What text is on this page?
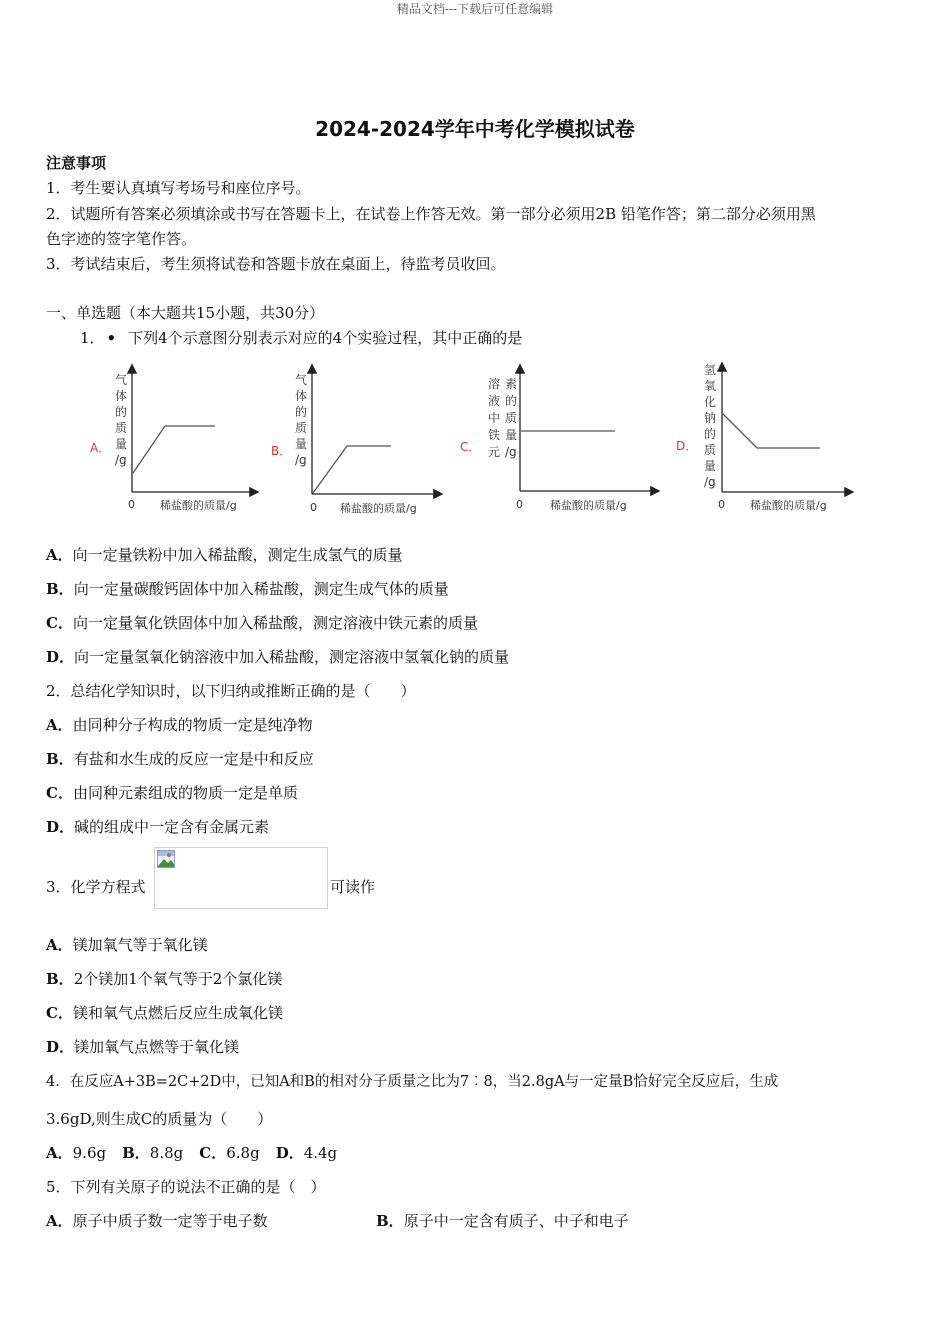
精品文档---下载后可任意编辑
2024-2024学年中考化学模拟试卷
注意事项
1．考生要认真填写考场号和座位序号。
2．试题所有答案必须填涂或书写在答题卡上，在试卷上作答无效。第一部分必须用2B 铅笔作答；第二部分必须用黑
色字迹的签字笔作答。
3．考试结束后，考生须将试卷和答题卡放在桌面上，待监考员收回。
一、单选题（本大题共15小题，共30分）
1． • 下列4个示意图分别表示对应的4个实验过程，其中正确的是
A．
气
体
的
质
量
/g
0 稀盐酸的质量/g
B．
气
体
的
质
量
/g
0 稀盐酸的质量/g
C．
溶
液
中
铁
元
素
的
质
量
/g
0 稀盐酸的质量/g
D．
氢
氧
化
钠
的
质
量
/g
0 稀盐酸的质量/g
A．向一定量铁粉中加入稀盐酸，测定生成氢气的质量
B．向一定量碳酸钙固体中加入稀盐酸，测定生成气体的质量
C．向一定量氧化铁固体中加入稀盐酸，测定溶液中铁元素的质量
D．向一定量氢氧化钠溶液中加入稀盐酸，测定溶液中氢氧化钠的质量
2．总结化学知识时，以下归纳或推断正确的是（　　）
A．由同种分子构成的物质一定是纯净物
B．有盐和水生成的反应一定是中和反应
C．由同种元素组成的物质一定是单质
D．碱的组成中一定含有金属元素
3．化学方程式	可读作
A．镁加氧气等于氧化镁
B．2个镁加1个氧气等于2个氯化镁
C．镁和氧气点燃后反应生成氧化镁
D．镁加氧气点燃等于氧化镁
4．在反应A+3B=2C+2D中，已知A和B的相对分子质量之比为7︰8，当2.8gA与一定量B恰好完全反应后，生成
3.6gD,则生成C的质量为（　　）
A．9.6g B．8.8g C．6.8g D．4.4g
5．下列有关原子的说法不正确的是（　）
A．原子中质子数一定等于电子数	B．原子中一定含有质子、中子和电子
